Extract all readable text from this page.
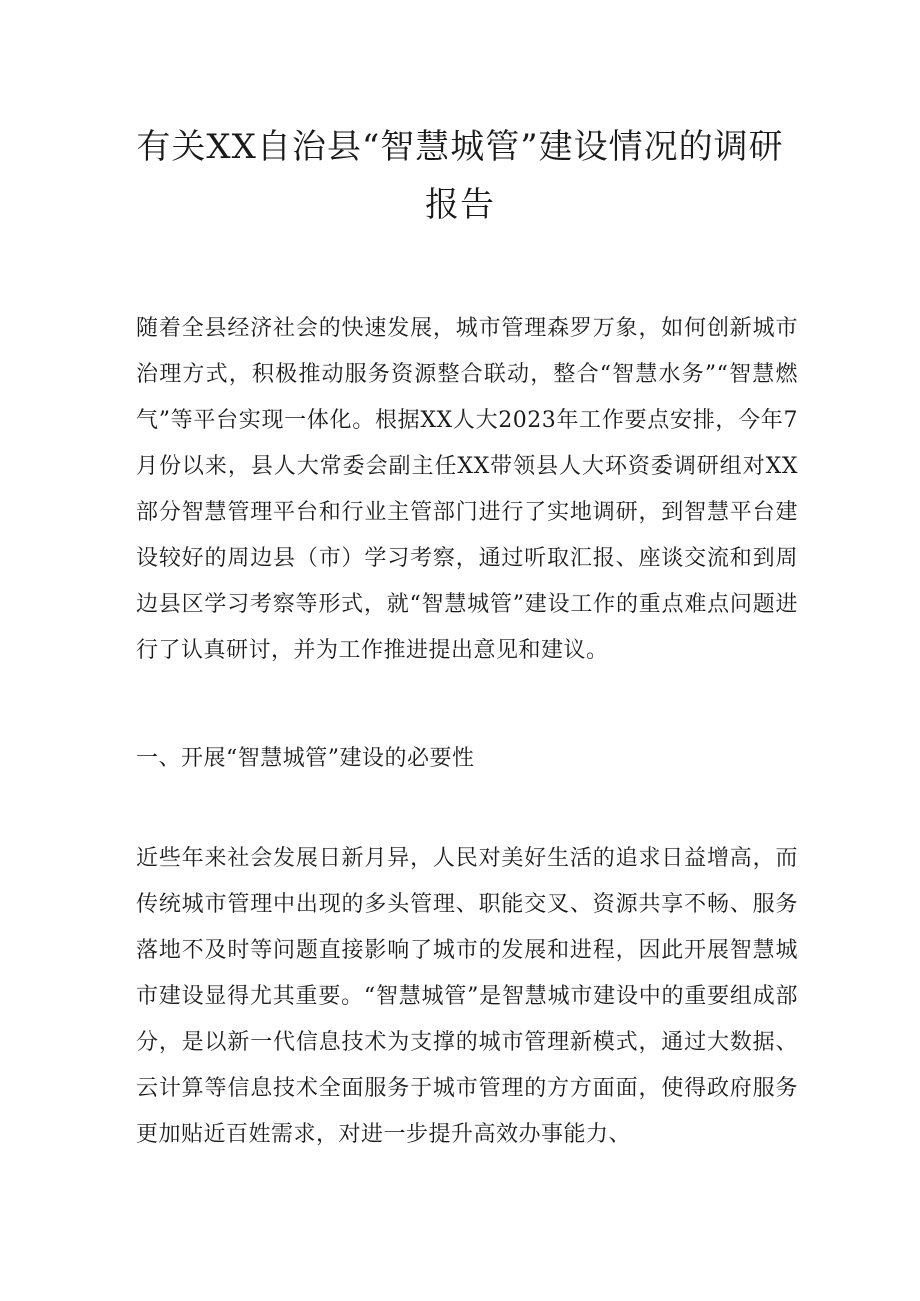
有关XX自治县“智慧城管”建设情况的调研报告

随着全县经济社会的快速发展，城市管理森罗万象，如何创新城市治理方式，积极推动服务资源整合联动，整合“智慧水务”“智慧燃气”等平台实现一体化。根据XX人大2023年工作要点安排，今年7月份以来，县人大常委会副主任XX带领县人大环资委调研组对XX部分智慧管理平台和行业主管部门进行了实地调研，到智慧平台建设较好的周边县（市）学习考察，通过听取汇报、座谈交流和到周边县区学习考察等形式，就“智慧城管”建设工作的重点难点问题进行了认真研讨，并为工作推进提出意见和建议。

一、开展“智慧城管”建设的必要性

近些年来社会发展日新月异，人民对美好生活的追求日益增高，而传统城市管理中出现的多头管理、职能交叉、资源共享不畅、服务落地不及时等问题直接影响了城市的发展和进程，因此开展智慧城市建设显得尤其重要。“智慧城管”是智慧城市建设中的重要组成部分，是以新一代信息技术为支撑的城市管理新模式，通过大数据、云计算等信息技术全面服务于城市管理的方方面面，使得政府服务更加贴近百姓需求，对进一步提升高效办事能力、
